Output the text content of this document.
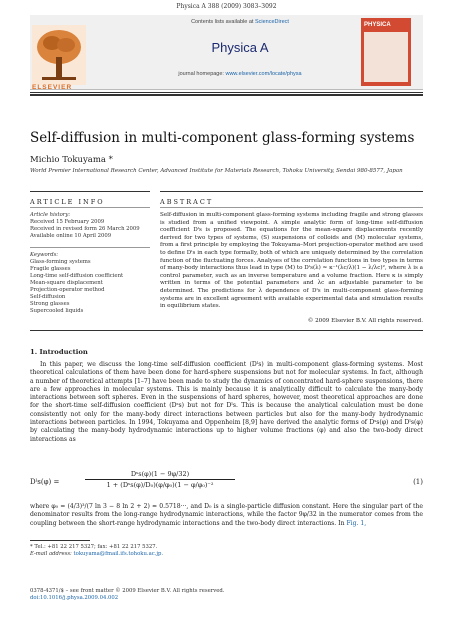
Physica A 388 (2009) 3083–3092
ELSEVIER
Contents lists available at ScienceDirect
Physica A
journal homepage: www.elsevier.com/locate/physa
PHYSICA
Self-diffusion in multi-component glass-forming systems
Michio Tokuyama *
World Premier International Research Center, Advanced Institute for Materials Research, Tohoku University, Sendai 980-8577, Japan
ARTICLE INFO	ABSTRACT
Article history:
Received 15 February 2009
Received in revised form 26 March 2009
Available online 10 April 2009
Keywords:
Glass-forming systems
Fragile glasses
Long-time self-diffusion coefficient
Mean-square displacement
Projection-operator method
Self-diffusion
Strong glasses
Supercooled liquids
Self-diffusion in multi-component glass-forming systems including fragile and strong glasses is studied from a unified viewpoint. A simple analytic form of long-time self-diffusion coefficient Dˡs is proposed. The equations for the mean-square displacements recently derived for two types of systems, (S) suspensions of colloids and (M) molecular systems, from a first principle by employing the Tokuyama–Mori projection-operator method are used to define Dˡs in each type formally, both of which are uniquely determined by the correlation function of the fluctuating forces. Analyses of the correlation functions in two types in terms of many-body interactions thus lead in type (M) to Dˡs(λ) ≃ κ⁻¹(λc/λ)(1 − λ/λc)², where λ is a control parameter, such as an inverse temperature and a volume fraction. Here κ is simply written in terms of the potential parameters and λc an adjustable parameter to be determined. The predictions for λ dependence of Dˡs in multi-component glass-forming systems are in excellent agreement with available experimental data and simulation results in equilibrium states.
© 2009 Elsevier B.V. All rights reserved.
1. Introduction
In this paper, we discuss the long-time self-diffusion coefficient (Dˡs) in multi-component glass-forming systems. Most theoretical calculations of them have been done for hard-sphere suspensions but not for molecular systems. In fact, although a number of theoretical attempts [1–7] have been made to study the dynamics of concentrated hard-sphere suspensions, there are a few approaches in molecular systems. This is mainly because it is analytically difficult to calculate the many-body interactions between soft spheres. Even in the suspensions of hard spheres, however, most theoretical approaches are done for the short-time self-diffusion coefficient (Dˢs) but not for Dˡs. This is because the analytical calculation must be done consistently not only for the many-body direct interactions between particles but also for the many-body hydrodynamic interactions between particles. In 1994, Tokuyama and Oppenheim [8,9] have derived the analytic forms of Dˢs(φ) and Dˡs(φ) by calculating the many-body hydrodynamic interactions up to higher volume fractions (φ) and also the two-body direct interactions as
Dˡs(φ) =
Dˢs(φ)(1 − 9φ/32)
1 + (Dˢs(φ)/D₀)(φ/φ₀)(1 − φ/φ₀)⁻²	(1)
where φ₀ = (4/3)³/(7 ln 3 − 8 ln 2 + 2) ≃ 0.5718···, and D₀ is a single-particle diffusion constant. Here the singular part of the denominator results from the long-range hydrodynamic interactions, while the factor 9φ/32 in the numerator comes from the coupling between the short-range hydrodynamic interactions and the two-body direct interactions. In Fig. 1,
* Tel.: +81 22 217 5327; fax: +81 22 217 5327.
E-mail address: tokuyama@fmail.ifs.tohoku.ac.jp.
0378-4371/$ – see front matter © 2009 Elsevier B.V. All rights reserved.
doi:10.1016/j.physa.2009.04.002
